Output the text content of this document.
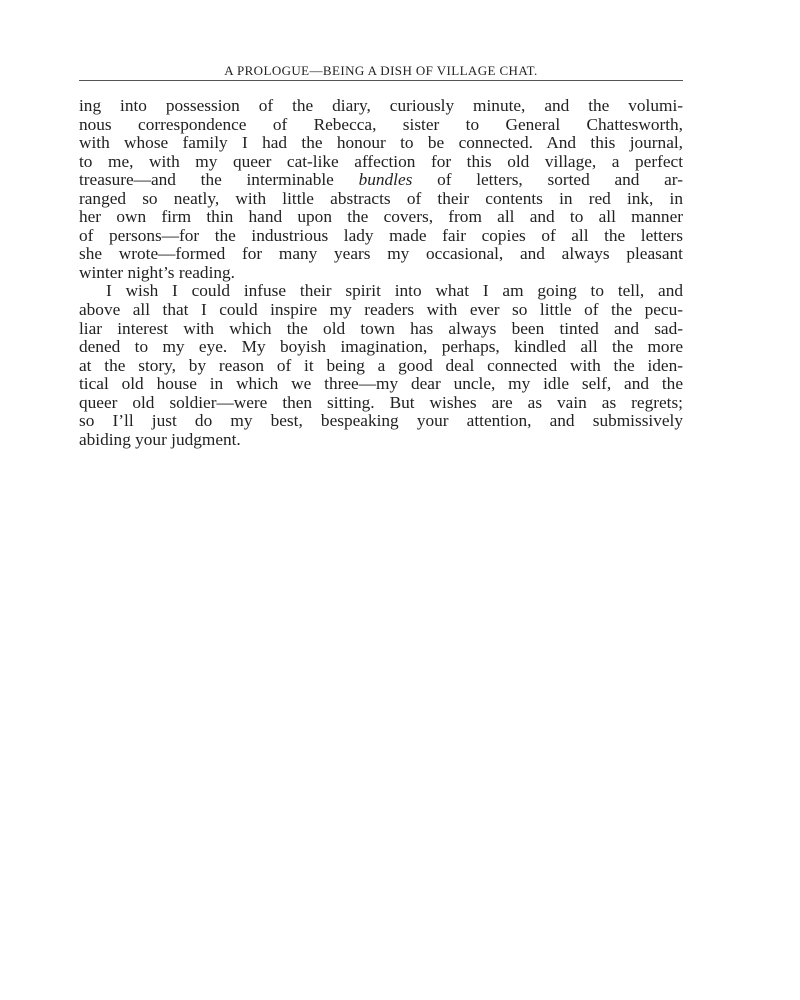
A PROLOGUE—BEING A DISH OF VILLAGE CHAT.
ing into possession of the diary, curiously minute, and the volumi-
nous correspondence of Rebecca, sister to General Chattesworth,
with whose family I had the honour to be connected. And this journal,
to me, with my queer cat-like affection for this old village, a perfect
treasure—and the interminable bundles of letters, sorted and ar-
ranged so neatly, with little abstracts of their contents in red ink, in
her own firm thin hand upon the covers, from all and to all manner
of persons—for the industrious lady made fair copies of all the letters
she wrote—formed for many years my occasional, and always pleasant
winter night’s reading.
I wish I could infuse their spirit into what I am going to tell, and
above all that I could inspire my readers with ever so little of the pecu-
liar interest with which the old town has always been tinted and sad-
dened to my eye. My boyish imagination, perhaps, kindled all the more
at the story, by reason of it being a good deal connected with the iden-
tical old house in which we three—my dear uncle, my idle self, and the
queer old soldier—were then sitting. But wishes are as vain as regrets;
so I’ll just do my best, bespeaking your attention, and submissively
abiding your judgment.
